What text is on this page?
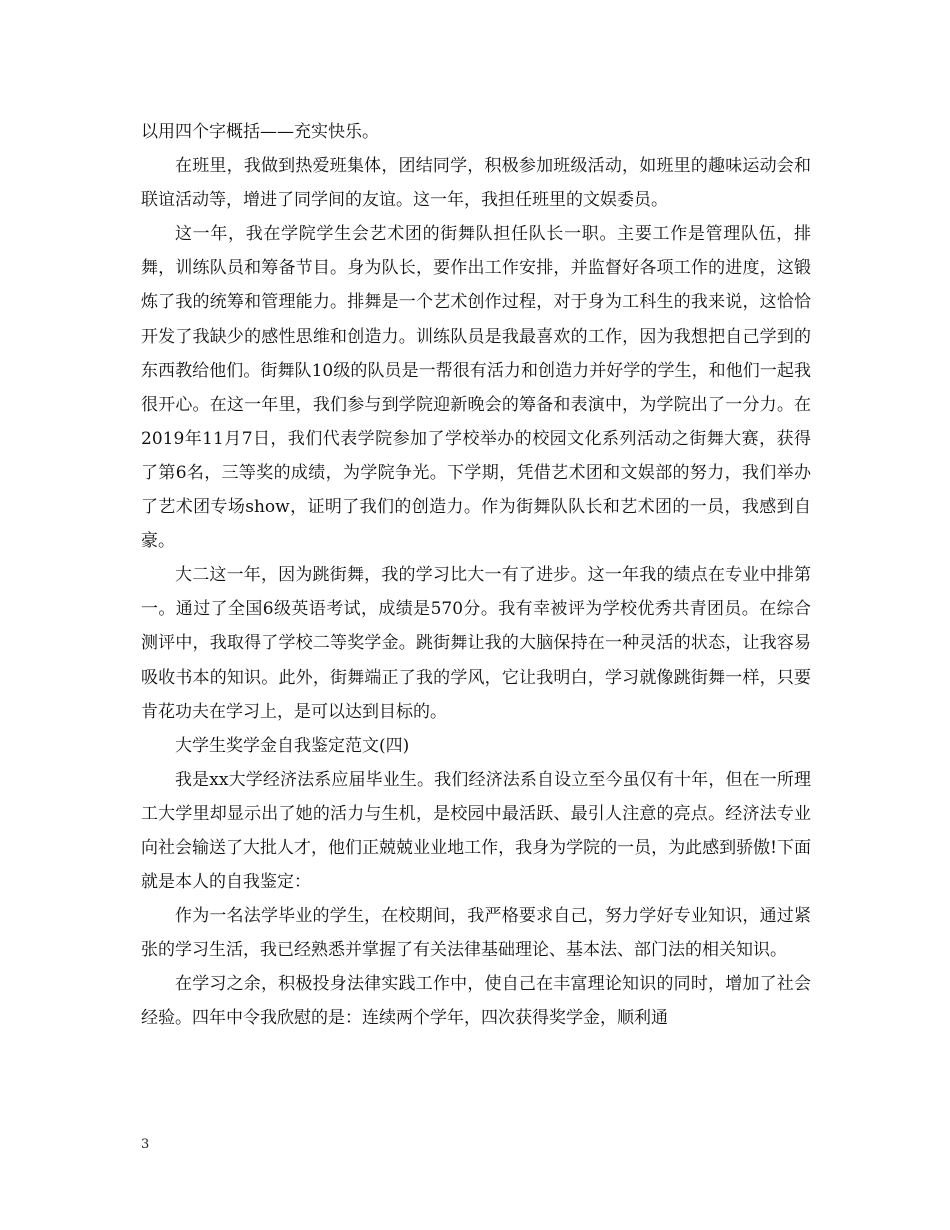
以用四个字概括——充实快乐。

在班里，我做到热爱班集体，团结同学，积极参加班级活动，如班里的趣味运动会和联谊活动等，增进了同学间的友谊。这一年，我担任班里的文娱委员。

这一年，我在学院学生会艺术团的街舞队担任队长一职。主要工作是管理队伍，排舞，训练队员和筹备节目。身为队长，要作出工作安排，并监督好各项工作的进度，这锻炼了我的统筹和管理能力。排舞是一个艺术创作过程，对于身为工科生的我来说，这恰恰开发了我缺少的感性思维和创造力。训练队员是我最喜欢的工作，因为我想把自己学到的东西教给他们。街舞队10级的队员是一帮很有活力和创造力并好学的学生，和他们一起我很开心。在这一年里，我们参与到学院迎新晚会的筹备和表演中，为学院出了一分力。在2019年11月7日，我们代表学院参加了学校举办的校园文化系列活动之街舞大赛，获得了第6名，三等奖的成绩，为学院争光。下学期，凭借艺术团和文娱部的努力，我们举办了艺术团专场show，证明了我们的创造力。作为街舞队队长和艺术团的一员，我感到自豪。

大二这一年，因为跳街舞，我的学习比大一有了进步。这一年我的绩点在专业中排第一。通过了全国6级英语考试，成绩是570分。我有幸被评为学校优秀共青团员。在综合测评中，我取得了学校二等奖学金。跳街舞让我的大脑保持在一种灵活的状态，让我容易吸收书本的知识。此外，街舞端正了我的学风，它让我明白，学习就像跳街舞一样，只要肯花功夫在学习上，是可以达到目标的。

大学生奖学金自我鉴定范文(四)

我是xx大学经济法系应届毕业生。我们经济法系自设立至今虽仅有十年，但在一所理工大学里却显示出了她的活力与生机，是校园中最活跃、最引人注意的亮点。经济法专业向社会输送了大批人才，他们正兢兢业业地工作，我身为学院的一员，为此感到骄傲!下面就是本人的自我鉴定：

作为一名法学毕业的学生，在校期间，我严格要求自己，努力学好专业知识，通过紧张的学习生活，我已经熟悉并掌握了有关法律基础理论、基本法、部门法的相关知识。

在学习之余，积极投身法律实践工作中，使自己在丰富理论知识的同时，增加了社会经验。四年中令我欣慰的是：连续两个学年，四次获得奖学金，顺利通

3
